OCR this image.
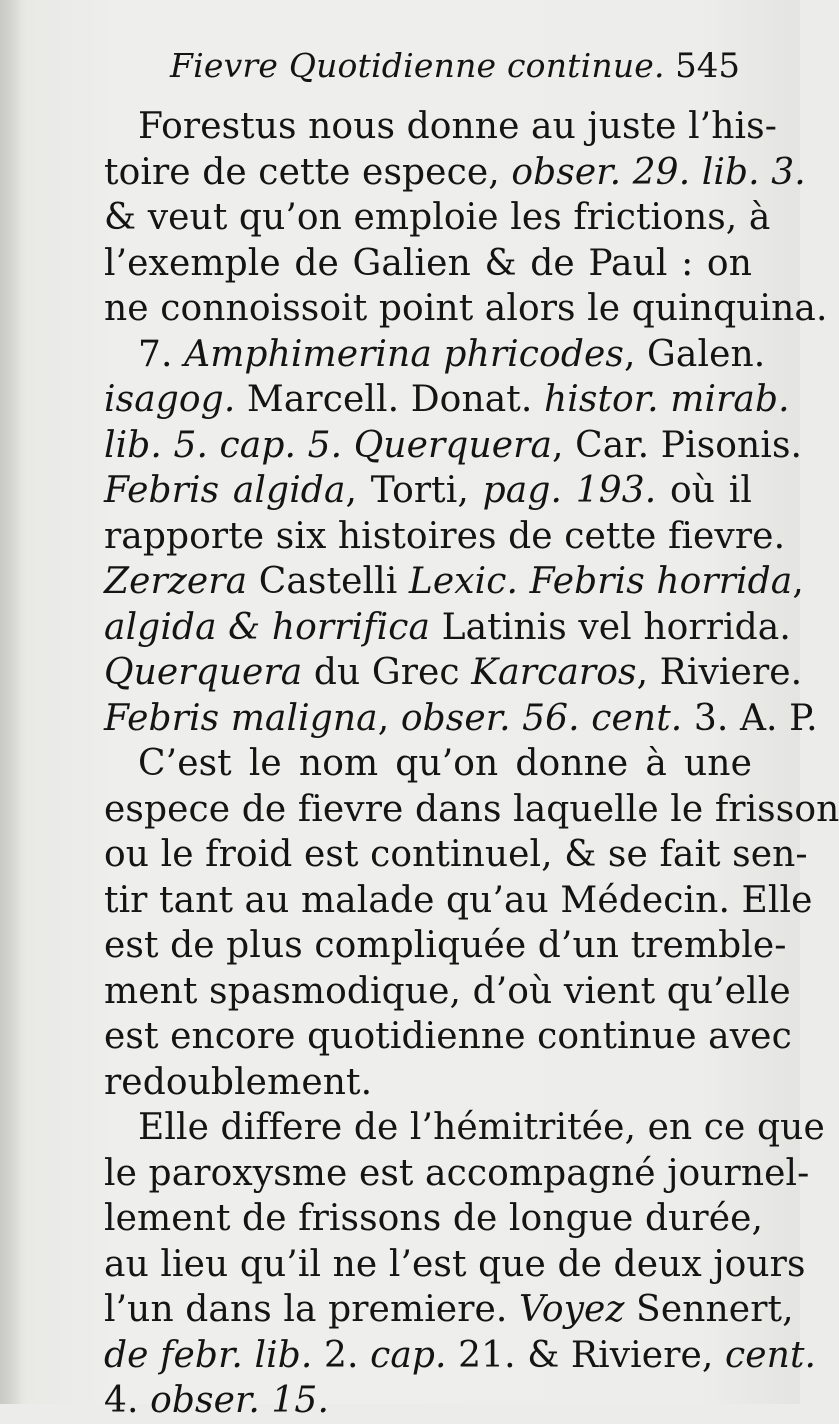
Fievre Quotidienne continue. 545
Forestus nous donne au juste l’his-
toire de cette espece, obser. 29. lib. 3.
& veut qu’on emploie les frictions, à
l’exemple de Galien & de Paul : on
ne connoissoit point alors le quinquina.
7. Amphimerina phricodes, Galen.
isagog. Marcell. Donat. histor. mirab.
lib. 5. cap. 5. Querquera, Car. Pisonis.
Febris algida, Torti, pag. 193. où il
rapporte six histoires de cette fievre.
Zerzera Castelli Lexic. Febris horrida,
algida & horrifica Latinis vel horrida.
Querquera du Grec Karcaros, Riviere.
Febris maligna, obser. 56. cent. 3. A. P.
C’est le nom qu’on donne à une
espece de fievre dans laquelle le frisson
ou le froid est continuel, & se fait sen-
tir tant au malade qu’au Médecin. Elle
est de plus compliquée d’un tremble-
ment spasmodique, d’où vient qu’elle
est encore quotidienne continue avec
redoublement.
Elle differe de l’hémitritée, en ce que
le paroxysme est accompagné journel-
lement de frissons de longue durée,
au lieu qu’il ne l’est que de deux jours
l’un dans la premiere. Voyez Sennert,
de febr. lib. 2. cap. 21. & Riviere, cent.
4. obser. 15.
